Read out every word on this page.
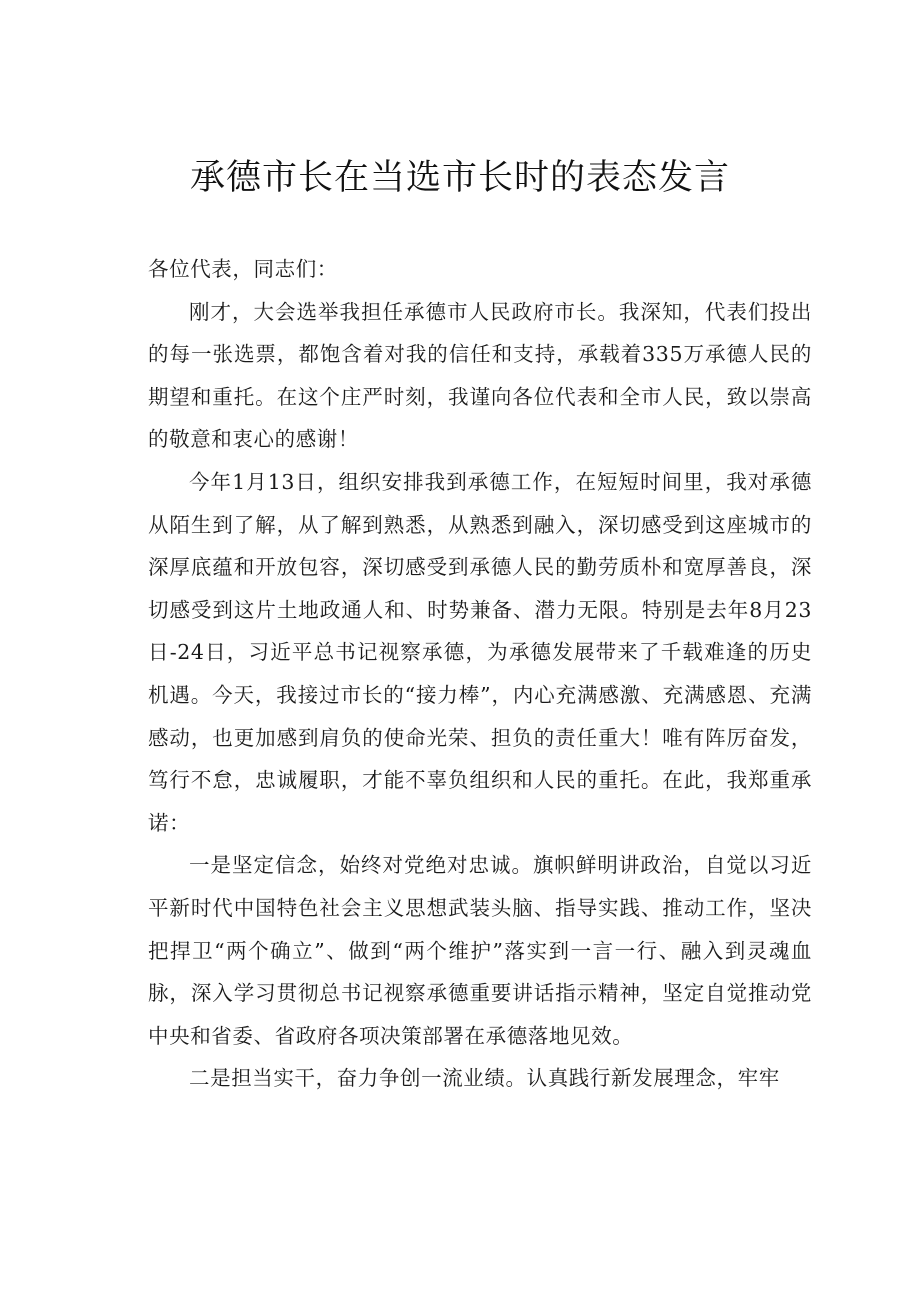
承德市长在当选市长时的表态发言

各位代表，同志们：

刚才，大会选举我担任承德市人民政府市长。我深知，代表们投出的每一张选票，都饱含着对我的信任和支持，承载着335万承德人民的期望和重托。在这个庄严时刻，我谨向各位代表和全市人民，致以崇高的敬意和衷心的感谢！

今年1月13日，组织安排我到承德工作，在短短时间里，我对承德从陌生到了解，从了解到熟悉，从熟悉到融入，深切感受到这座城市的深厚底蕴和开放包容，深切感受到承德人民的勤劳质朴和宽厚善良，深切感受到这片土地政通人和、时势兼备、潜力无限。特别是去年8月23日-24日，习近平总书记视察承德，为承德发展带来了千载难逢的历史机遇。今天，我接过市长的“接力棒”，内心充满感激、充满感恩、充满感动，也更加感到肩负的使命光荣、担负的责任重大！唯有阵厉奋发，笃行不怠，忠诚履职，才能不辜负组织和人民的重托。在此，我郑重承诺：

一是坚定信念，始终对党绝对忠诚。旗帜鲜明讲政治，自觉以习近平新时代中国特色社会主义思想武装头脑、指导实践、推动工作，坚决把捍卫“两个确立”、做到“两个维护”落实到一言一行、融入到灵魂血脉，深入学习贯彻总书记视察承德重要讲话指示精神，坚定自觉推动党中央和省委、省政府各项决策部署在承德落地见效。

二是担当实干，奋力争创一流业绩。认真践行新发展理念，牢牢
